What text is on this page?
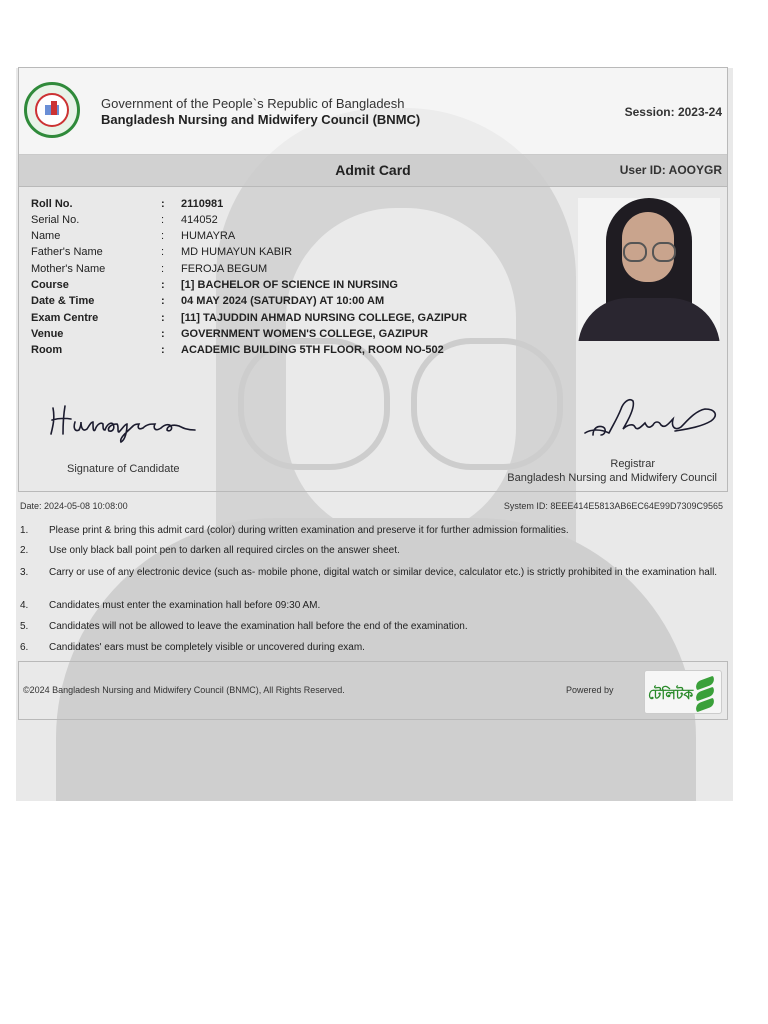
Government of the People`s Republic of Bangladesh
Bangladesh Nursing and Midwifery Council (BNMC)	Session: 2023-24
Admit Card	User ID: AOOYGR
Roll No.	: 2110981
Serial No.	: 414052
Name	: HUMAYRA
Father's Name	: MD HUMAYUN KABIR
Mother's Name	: FEROJA BEGUM
Course	: [1] BACHELOR OF SCIENCE IN NURSING
Date & Time	: 04 MAY 2024 (SATURDAY) AT 10:00 AM
Exam Centre	: [11] TAJUDDIN AHMAD NURSING COLLEGE, GAZIPUR
Venue	: GOVERNMENT WOMEN'S COLLEGE, GAZIPUR
Room	: ACADEMIC BUILDING 5TH FLOOR, ROOM NO-502
Signature of Candidate	Registrar
Bangladesh Nursing and Midwifery Council
Date: 2024-05-08 10:08:00	System ID: 8EEE414E5813AB6EC64E99D7309C9565
1. Please print & bring this admit card (color) during written examination and preserve it for further admission formalities.
2. Use only black ball point pen to darken all required circles on the answer sheet.
3. Carry or use of any electronic device (such as- mobile phone, digital watch or similar device, calculator etc.) is strictly prohibited in the examination hall.
4. Candidates must enter the examination hall before 09:30 AM.
5. Candidates will not be allowed to leave the examination hall before the end of the examination.
6. Candidates' ears must be completely visible or uncovered during exam.
©2024 Bangladesh Nursing and Midwifery Council (BNMC), All Rights Reserved.	Powered by টেলিটক
